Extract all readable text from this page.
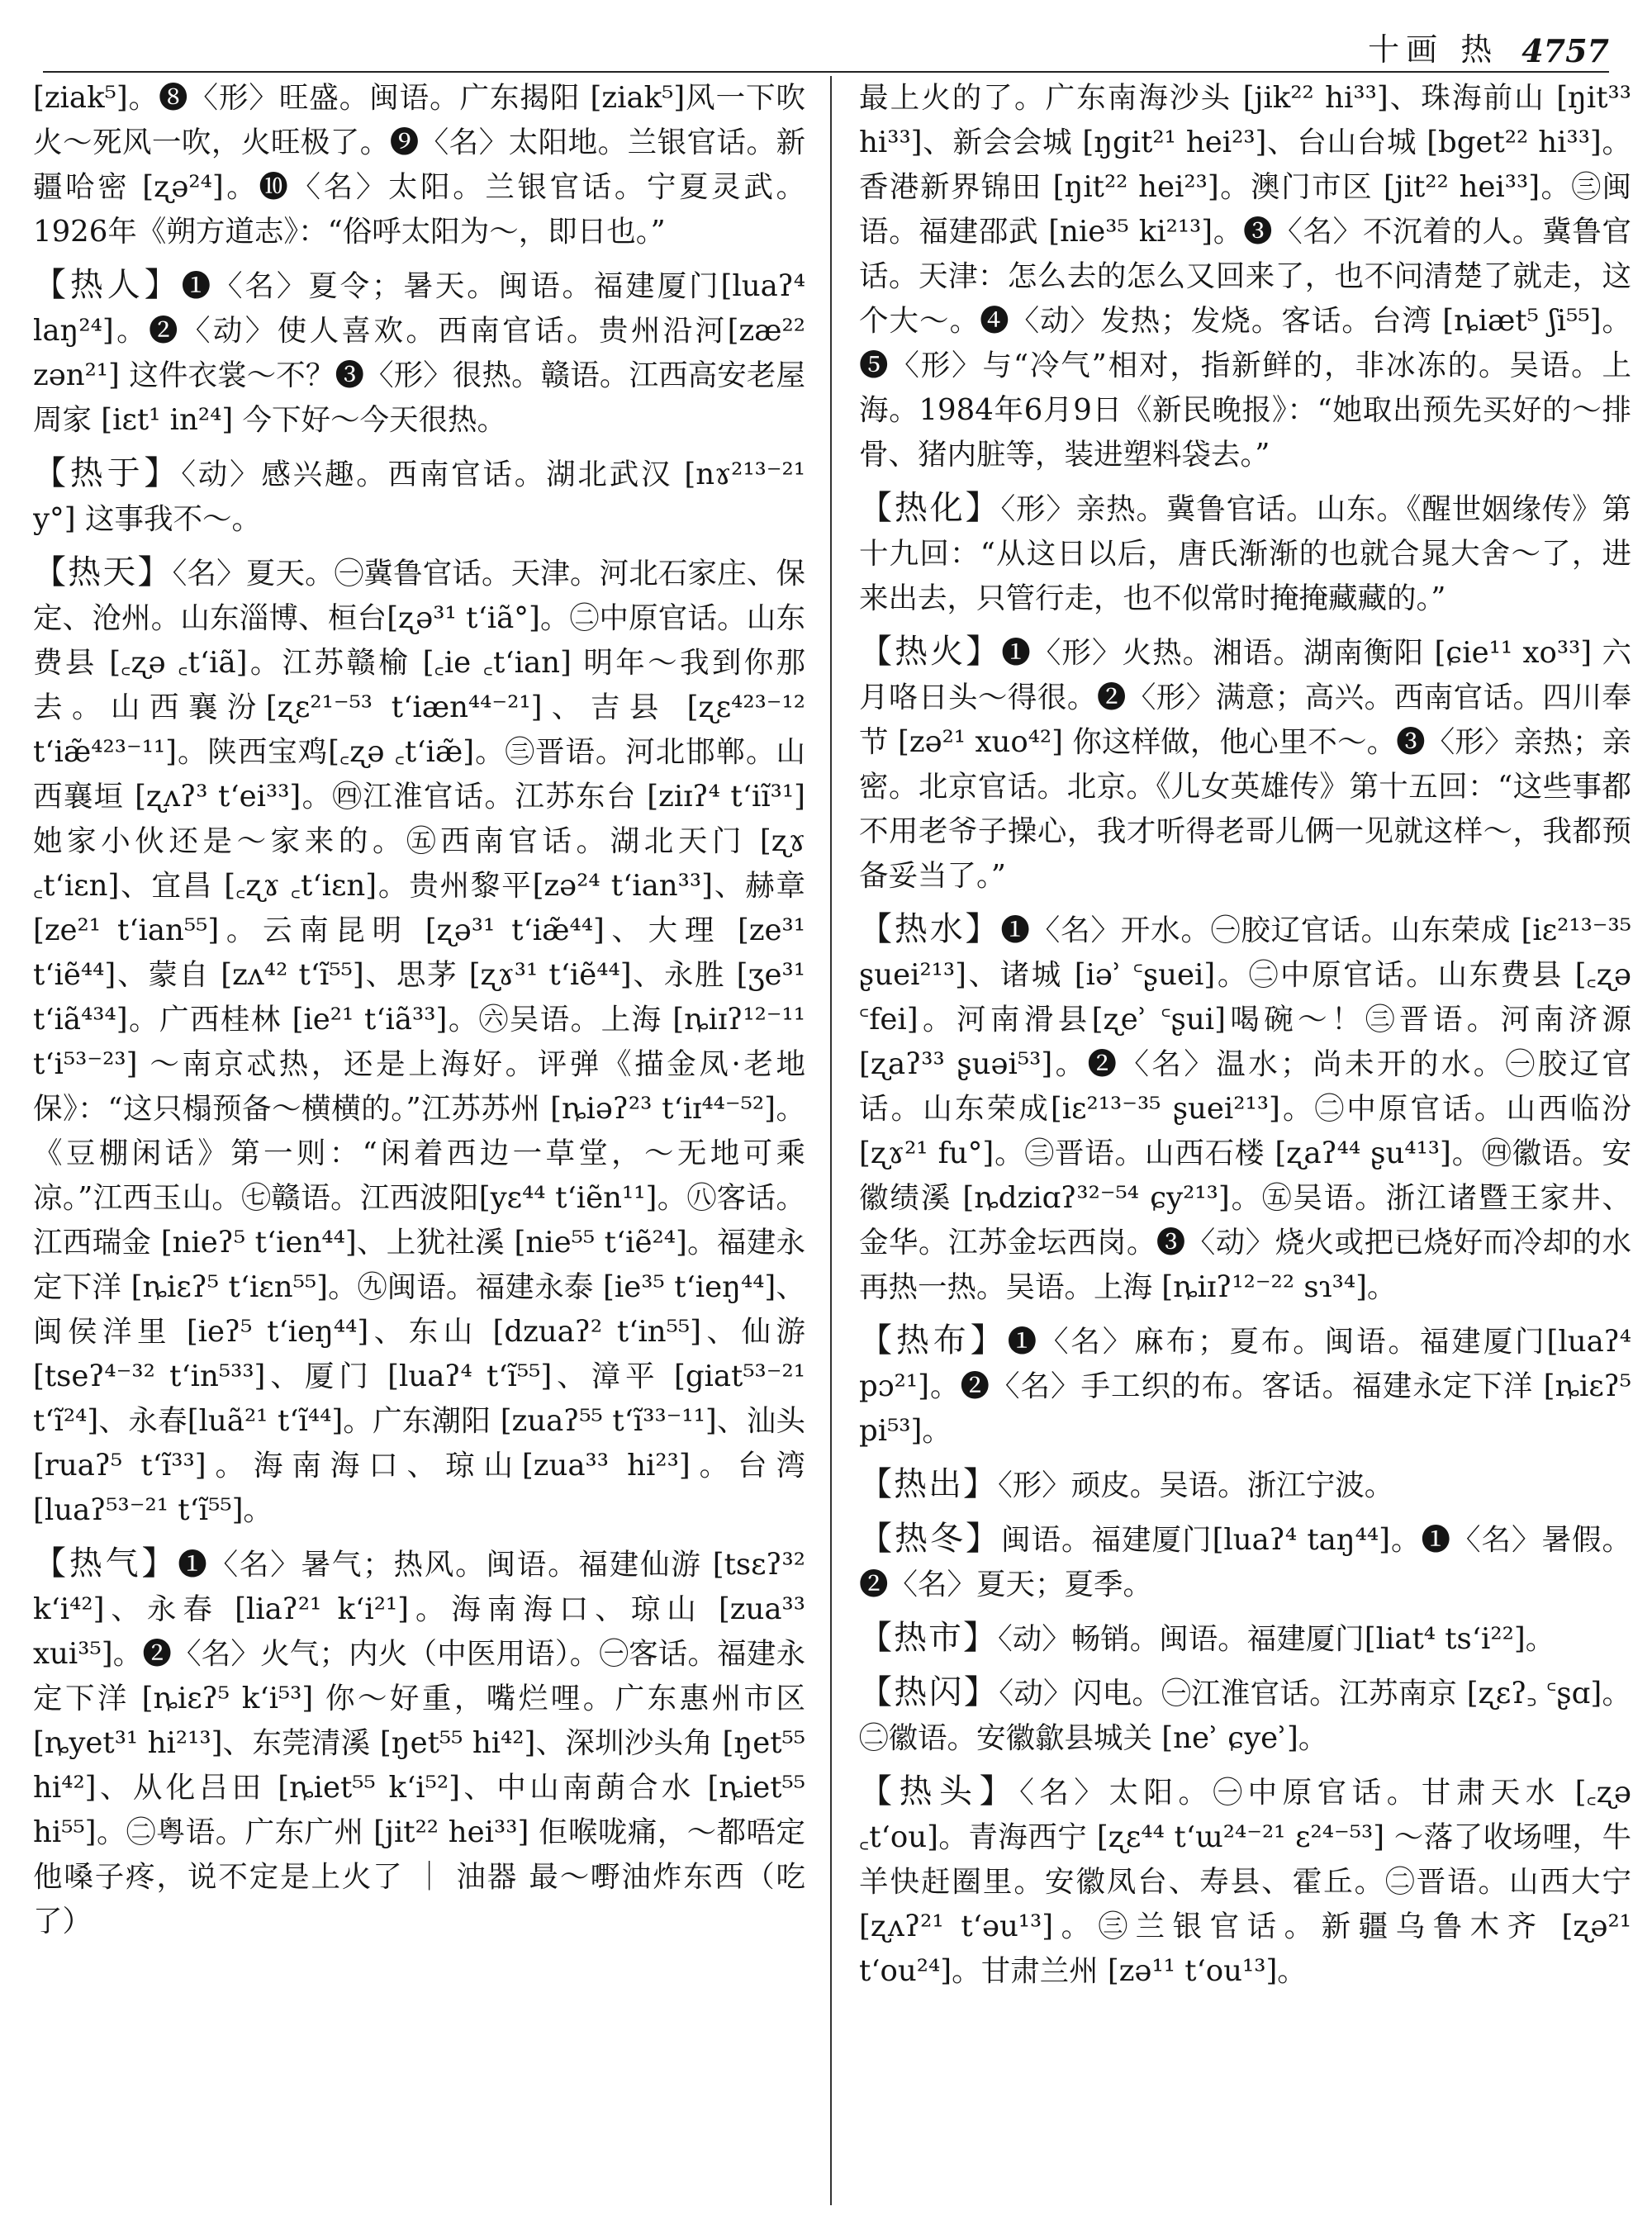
十画 热 4757

[ziak⁵]。❽〈形〉旺盛。闽语。广东揭阳 [ziak⁵]风一下吹火～死风一吹，火旺极了。❾〈名〉太阳地。兰银官话。新疆哈密 [ʐə²⁴]。❿〈名〉太阳。兰银官话。宁夏灵武。1926年《朔方道志》：“俗呼太阳为～，即日也。”

【热人】❶〈名〉夏令；暑天。闽语。福建厦门[luaʔ⁴ laŋ²⁴]。❷〈动〉使人喜欢。西南官话。贵州沿河[zæ²² zən²¹] 这件衣裳～不？❸〈形〉很热。赣语。江西高安老屋周家 [iɛt¹ in²⁴] 今下好～今天很热。

【热于】〈动〉感兴趣。西南官话。湖北武汉 [nɤ²¹³⁻²¹ y°] 这事我不～。

【热天】〈名〉夏天。㊀冀鲁官话。天津。河北石家庄、保定、沧州。山东淄博、桓台[ʐə³¹ tʻiã°]。㊁中原官话。山东费县 [꜀ʐə ꜀tʻiã]。江苏赣榆 [꜀ie ꜀tʻian] 明年～我到你那去。山西襄汾[ʐɛ²¹⁻⁵³ tʻiæn⁴⁴⁻²¹]、吉县 [ʐɛ⁴²³⁻¹² tʻiæ̃⁴²³⁻¹¹]。陕西宝鸡[꜀ʐə ꜀tʻiæ̃]。㊂晋语。河北邯郸。山西襄垣 [ʐʌʔ³ tʻei³³]。㊃江淮官话。江苏东台 [ziɪʔ⁴ tʻiĩ³¹] 她家小伙还是～家来的。㊄西南官话。湖北天门 [ʐɤ ꜀tʻiɛn]、宜昌 [꜀ʐɤ ꜀tʻiɛn]。贵州黎平[zə²⁴ tʻian³³]、赫章[ze²¹ tʻian⁵⁵]。云南昆明 [ʐə³¹ tʻiæ̃⁴⁴]、大理 [ze³¹ tʻiẽ⁴⁴]、蒙自 [zʌ⁴² tʻĩ⁵⁵]、思茅 [ʐɤ³¹ tʻiẽ⁴⁴]、永胜 [ʒe³¹ tʻiã⁴³⁴]。广西桂林 [ie²¹ tʻiã³³]。㊅吴语。上海 [ȵiɪʔ¹²⁻¹¹ tʻi⁵³⁻²³] ～南京忒热，还是上海好。评弹《描金凤·老地保》：“这只榻预备～横横的。”江苏苏州 [ȵiəʔ²³ tʻiɪ⁴⁴⁻⁵²]。《豆棚闲话》第一则：“闲着西边一草堂，～无地可乘凉。”江西玉山。㊆赣语。江西波阳[yɛ⁴⁴ tʻiẽn¹¹]。㊇客话。江西瑞金 [nieʔ⁵ tʻien⁴⁴]、上犹社溪 [nie⁵⁵ tʻiẽ²⁴]。福建永定下洋 [ȵiɛʔ⁵ tʻiɛn⁵⁵]。㊈闽语。福建永泰 [ie³⁵ tʻieŋ⁴⁴]、闽侯洋里 [ieʔ⁵ tʻieŋ⁴⁴]、东山 [dzuaʔ² tʻin⁵⁵]、仙游 [tseʔ⁴⁻³² tʻin⁵³³]、厦门 [luaʔ⁴ tʻĩ⁵⁵]、漳平 [giat⁵³⁻²¹ tʻĩ²⁴]、永春[luã²¹ tʻĩ⁴⁴]。广东潮阳 [zuaʔ⁵⁵ tʻĩ³³⁻¹¹]、汕头 [ruaʔ⁵ tʻĩ³³]。海南海口、琼山[zua³³ hi²³]。台湾[luaʔ⁵³⁻²¹ tʻĩ⁵⁵]。

【热气】❶〈名〉暑气；热风。闽语。福建仙游 [tsɛʔ³² kʻi⁴²]、永春 [liaʔ²¹ kʻi²¹]。海南海口、琼山 [zua³³ xui³⁵]。❷〈名〉火气；内火（中医用语）。㊀客话。福建永定下洋 [ȵiɛʔ⁵ kʻi⁵³] 你～好重，嘴烂哩。广东惠州市区 [ȵyet³¹ hi²¹³]、东莞清溪 [ŋet⁵⁵ hi⁴²]、深圳沙头角 [ŋet⁵⁵ hi⁴²]、从化吕田 [ȵiet⁵⁵ kʻi⁵²]、中山南蓢合水 [ȵiet⁵⁵ hi⁵⁵]。㊁粤语。广东广州 [jit²² hei³³] 佢喉咙痛，～都唔定他嗓子疼，说不定是上火了 ｜ 油器 最～嘢油炸东西（吃了）

最上火的了。广东南海沙头 [jik²² hi³³]、珠海前山 [ŋit³³ hi³³]、新会会城 [ŋgit²¹ hei²³]、台山台城 [bget²² hi³³]。香港新界锦田 [ŋit²² hei²³]。澳门市区 [jit²² hei³³]。㊂闽语。福建邵武 [nie³⁵ ki²¹³]。❸〈名〉不沉着的人。冀鲁官话。天津：怎么去的怎么又回来了，也不问清楚了就走，这个大～。❹〈动〉发热；发烧。客话。台湾 [ȵiæt⁵ ʃi⁵⁵]。❺〈形〉与“冷气”相对，指新鲜的，非冰冻的。吴语。上海。1984年6月9日《新民晚报》：“她取出预先买好的～排骨、猪内脏等，装进塑料袋去。”

【热化】〈形〉亲热。冀鲁官话。山东。《醒世姻缘传》第十九回：“从这日以后，唐氏渐渐的也就合晁大舍～了，进来出去，只管行走，也不似常时掩掩藏藏的。”

【热火】❶〈形〉火热。湘语。湖南衡阳 [ɕie¹¹ xo³³] 六月咯日头～得很。❷〈形〉满意；高兴。西南官话。四川奉节 [zə²¹ xuo⁴²] 你这样做，他心里不～。❸〈形〉亲热；亲密。北京官话。北京。《儿女英雄传》第十五回：“这些事都不用老爷子操心，我才听得老哥儿俩一见就这样～，我都预备妥当了。”

【热水】❶〈名〉开水。㊀胶辽官话。山东荣成 [iɛ²¹³⁻³⁵ ʂuei²¹³]、诸城 [iəʾ ꜂ʂuei]。㊁中原官话。山东费县 [꜀ʐə ꜂fei]。河南滑县[ʐeʾ ꜂ʂui]喝碗～！㊂晋语。河南济源 [ʐaʔ³³ ʂuəi⁵³]。❷〈名〉温水；尚未开的水。㊀胶辽官话。山东荣成[iɛ²¹³⁻³⁵ ʂuei²¹³]。㊁中原官话。山西临汾 [ʐɤ²¹ fu°]。㊂晋语。山西石楼 [ʐaʔ⁴⁴ ʂu⁴¹³]。㊃徽语。安徽绩溪 [ȵdziɑʔ³²⁻⁵⁴ ɕy²¹³]。㊄吴语。浙江诸暨王家井、金华。江苏金坛西岗。❸〈动〉烧火或把已烧好而冷却的水再热一热。吴语。上海 [ȵiɪʔ¹²⁻²² sɿ³⁴]。

【热布】❶〈名〉麻布；夏布。闽语。福建厦门[luaʔ⁴ pɔ²¹]。❷〈名〉手工织的布。客话。福建永定下洋 [ȵiɛʔ⁵ pi⁵³]。

【热出】〈形〉顽皮。吴语。浙江宁波。

【热冬】闽语。福建厦门[luaʔ⁴ taŋ⁴⁴]。❶〈名〉暑假。❷〈名〉夏天；夏季。

【热市】〈动〉畅销。闽语。福建厦门[liat⁴ tsʻi²²]。

【热闪】〈动〉闪电。㊀江淮官话。江苏南京 [ʐɛʔ꜆ ꜂ʂɑ]。㊁徽语。安徽歙县城关 [neʾ ɕyeʾ]。

【热头】〈名〉太阳。㊀中原官话。甘肃天水 [꜀ʐə ꜀tʻou]。青海西宁 [ʐɛ⁴⁴ tʻɯ²⁴⁻²¹ ɛ²⁴⁻⁵³] ～落了收场哩，牛羊快赶圈里。安徽凤台、寿县、霍丘。㊁晋语。山西大宁 [ʐʌʔ²¹ tʻəu¹³]。㊂兰银官话。新疆乌鲁木齐 [ʐə²¹ tʻou²⁴]。甘肃兰州 [zə¹¹ tʻou¹³]。
